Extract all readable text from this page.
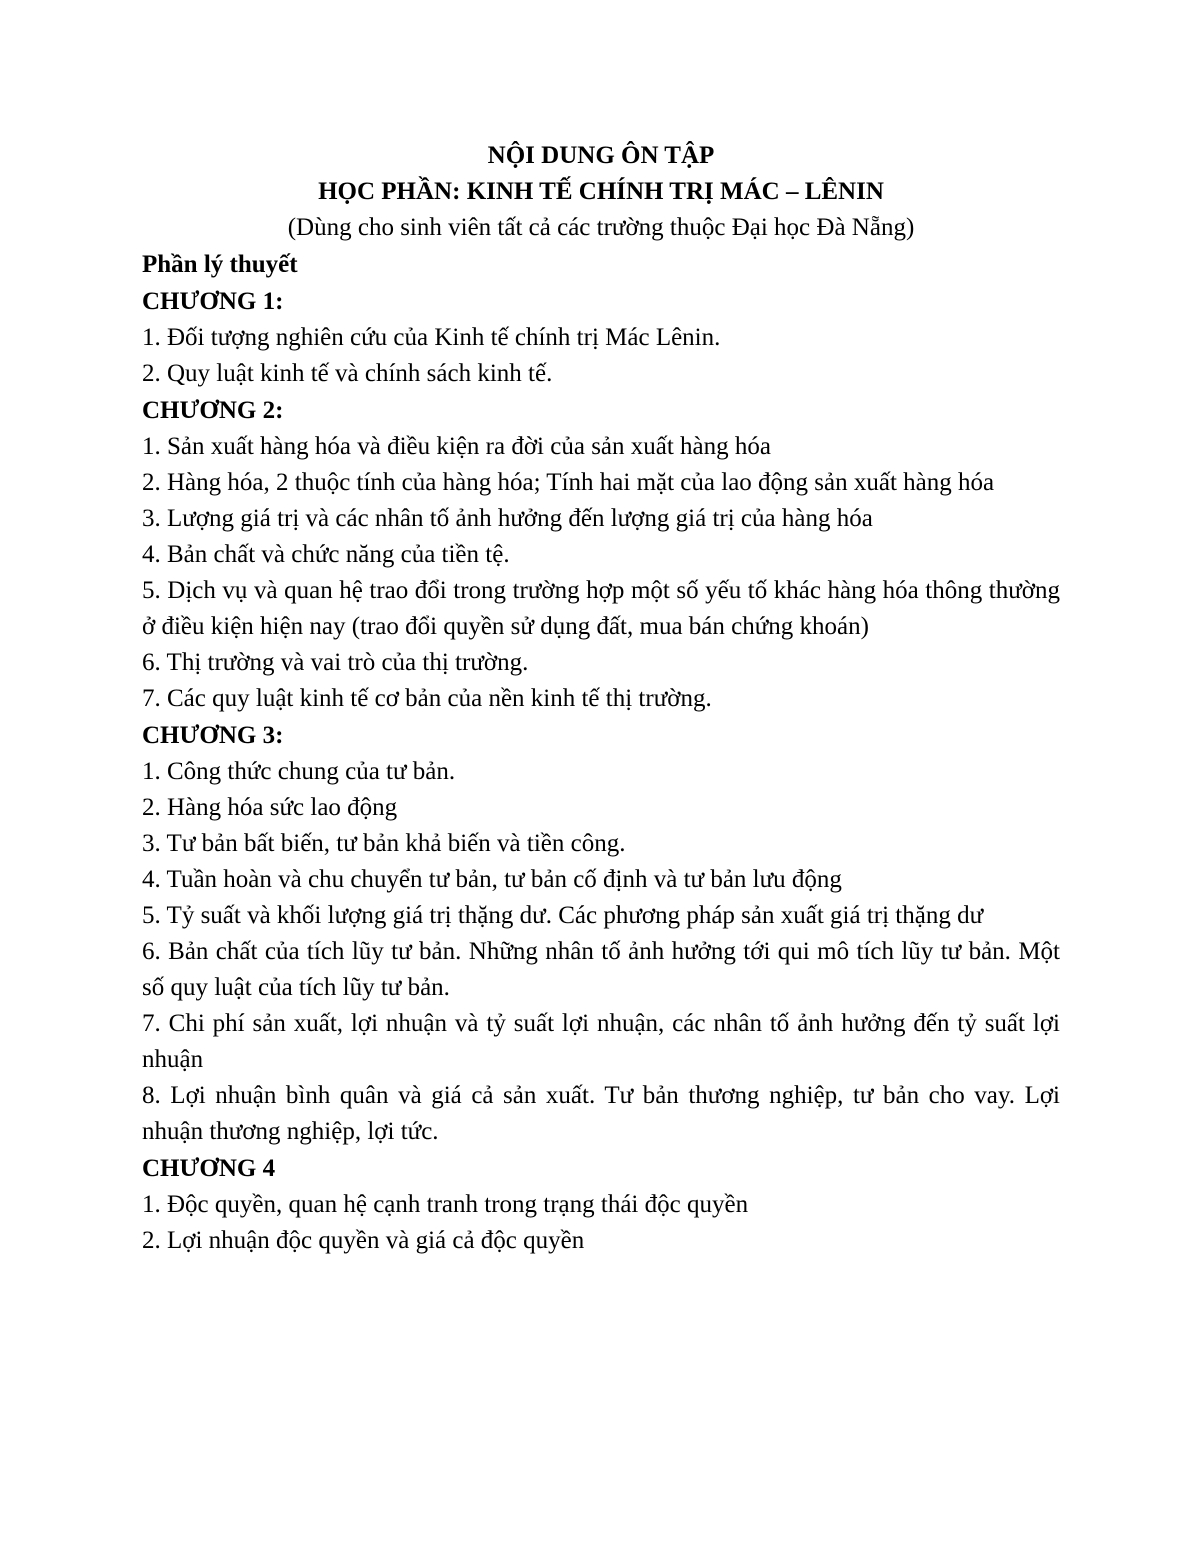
NỘI DUNG ÔN TẬP
HỌC PHẦN: KINH TẾ CHÍNH TRỊ MÁC – LÊNIN
(Dùng cho sinh viên tất cả các trường thuộc Đại học Đà Nẵng)
Phần lý thuyết
CHƯƠNG 1:

1. Đối tượng nghiên cứu của Kinh tế chính trị Mác Lênin.

2. Quy luật kinh tế và chính sách kinh tế.

CHƯƠNG 2:

1. Sản xuất hàng hóa và điều kiện ra đời của sản xuất hàng hóa

2. Hàng hóa, 2 thuộc tính của hàng hóa; Tính hai mặt của lao động sản xuất hàng hóa

3. Lượng giá trị và các nhân tố ảnh hưởng đến lượng giá trị của hàng hóa

4. Bản chất và chức năng của tiền tệ.

5. Dịch vụ và quan hệ trao đổi trong trường hợp một số yếu tố khác hàng hóa thông thường ở điều kiện hiện nay (trao đổi quyền sử dụng đất, mua bán chứng khoán)

6. Thị trường và vai trò của thị trường.

7. Các quy luật kinh tế cơ bản của nền kinh tế thị trường.

CHƯƠNG 3:

1. Công thức chung của tư bản.

2. Hàng hóa sức lao động

3. Tư bản bất biến, tư bản khả biến và tiền công.

4. Tuần hoàn và chu chuyển tư bản, tư bản cố định và tư bản lưu động

5. Tỷ suất và khối lượng giá trị thặng dư. Các phương pháp sản xuất giá trị thặng dư

6. Bản chất của tích lũy tư bản. Những nhân tố ảnh hưởng tới qui mô tích lũy tư bản. Một số quy luật của tích lũy tư bản.

7. Chi phí sản xuất, lợi nhuận và tỷ suất lợi nhuận, các nhân tố ảnh hưởng đến tỷ suất lợi nhuận

8. Lợi nhuận bình quân và giá cả sản xuất. Tư bản thương nghiệp, tư bản cho vay. Lợi nhuận thương nghiệp, lợi tức.

CHƯƠNG 4

1. Độc quyền, quan hệ cạnh tranh trong trạng thái độc quyền

2. Lợi nhuận độc quyền và giá cả độc quyền
